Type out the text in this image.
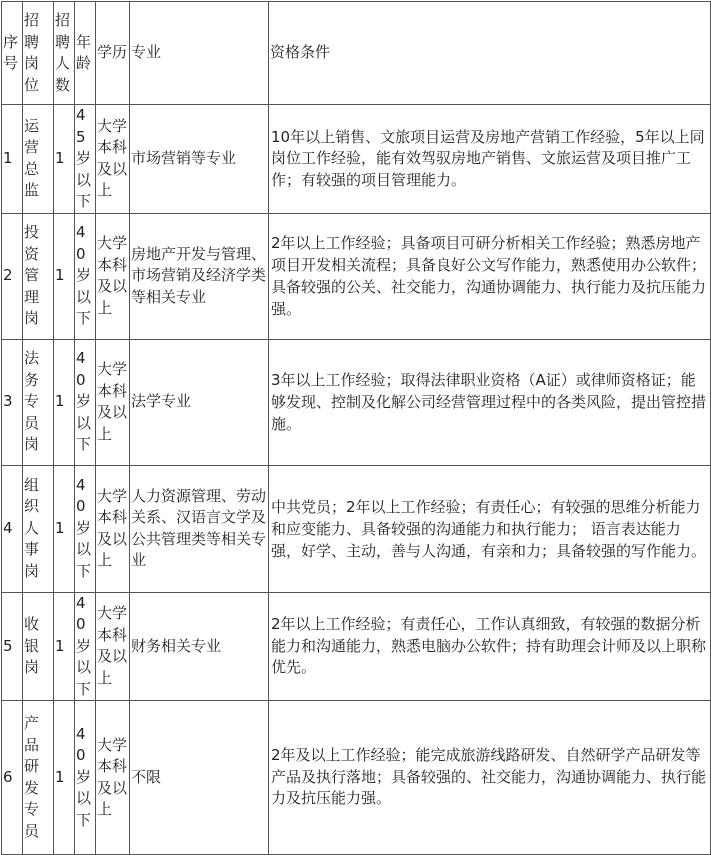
序号	招聘岗位	招聘人数	年龄	学历	专业	资格条件
1	运营总监	1	45岁以下	大学本科及以上	市场营销等专业	10年以上销售、文旅项目运营及房地产营销工作经验，5年以上同岗位工作经验，能有效驾驭房地产销售、文旅运营及项目推广工作；有较强的项目管理能力。
2	投资管理岗	1	40岁以下	大学本科及以上	房地产开发与管理、市场营销及经济学类等相关专业	2年以上工作经验；具备项目可研分析相关工作经验；熟悉房地产项目开发相关流程；具备良好公文写作能力，熟悉使用办公软件；具备较强的公关、社交能力，沟通协调能力、执行能力及抗压能力强。
3	法务专员岗	1	40岁以下	大学本科及以上	法学专业	3年以上工作经验；取得法律职业资格（A证）或律师资格证；能够发现、控制及化解公司经营管理过程中的各类风险，提出管控措施。
4	组织人事岗	1	40岁以下	大学本科及以上	人力资源管理、劳动关系、汉语言文学及公共管理类等相关专业	中共党员；2年以上工作经验；有责任心；有较强的思维分析能力和应变能力、具备较强的沟通能力和执行能力； 语言表达能力强，好学、主动，善与人沟通，有亲和力；具备较强的写作能力。
5	收银岗	1	40岁以下	大学本科及以上	财务相关专业	2年以上工作经验；有责任心，工作认真细致，有较强的数据分析能力和沟通能力，熟悉电脑办公软件；持有助理会计师及以上职称优先。
6	产品研发专员	1	40岁以下	大学本科及以上	不限	2年及以上工作经验；能完成旅游线路研发、自然研学产品研发等产品及执行落地；具备较强的、社交能力，沟通协调能力、执行能力及抗压能力强。
